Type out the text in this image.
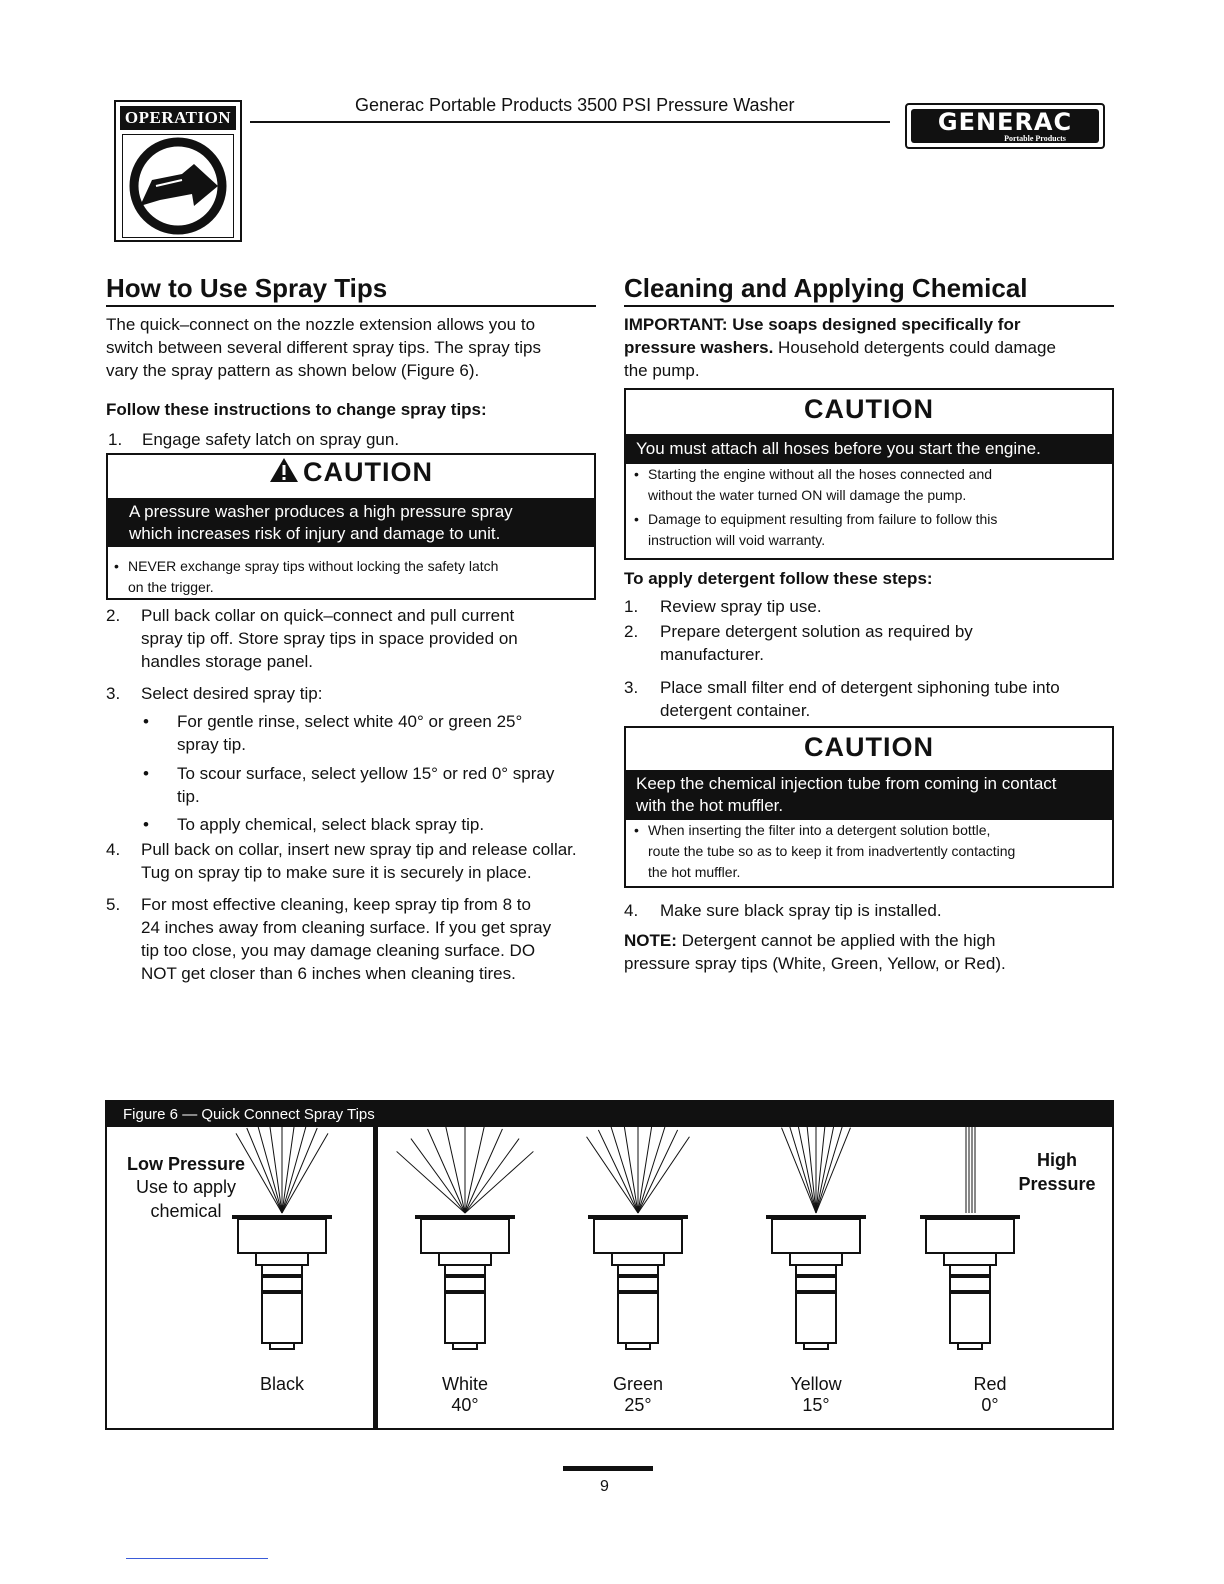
OPERATION
Generac Portable Products 3500 PSI Pressure Washer
GENERAC
Portable Products
How to Use Spray Tips
The quick–connect on the nozzle extension allows you to
switch between several different spray tips. The spray tips
vary the spray pattern as shown below (Figure 6).
Follow these instructions to change spray tips:
1. Engage safety latch on spray gun.
CAUTION
A pressure washer produces a high pressure spray
which increases risk of injury and damage to unit.
• NEVER exchange spray tips without locking the safety latch
on the trigger.
2. Pull back collar on quick–connect and pull current
spray tip off. Store spray tips in space provided on
handles storage panel.
3.	Select desired spray tip:
• For gentle rinse, select white 40° or green 25°
spray tip.
• To scour surface, select yellow 15° or red 0° spray
tip.
•	To apply chemical, select black spray tip.
4. Pull back on collar, insert new spray tip and release collar.
Tug on spray tip to make sure it is securely in place.
5. For most effective cleaning, keep spray tip from 8 to
24 inches away from cleaning surface. If you get spray
tip too close, you may damage cleaning surface. DO
NOT get closer than 6 inches when cleaning tires.
Cleaning and Applying Chemical
IMPORTANT: Use soaps designed specifically for
pressure washers. Household detergents could damage
the pump.
CAUTION
You must attach all hoses before you start the engine.
• Starting the engine without all the hoses connected and
without the water turned ON will damage the pump.
• Damage to equipment resulting from failure to follow this
instruction will void warranty.
To apply detergent follow these steps:
1.	Review spray tip use.
2. Prepare detergent solution as required by
manufacturer.
3. Place small filter end of detergent siphoning tube into
detergent container.
CAUTION
Keep the chemical injection tube from coming in contact
with the hot muffler.
• When inserting the filter into a detergent solution bottle,
route the tube so as to keep it from inadvertently contacting
the hot muffler.
4.	Make sure black spray tip is installed.
NOTE: Detergent cannot be applied with the high
pressure spray tips (White, Green, Yellow, or Red).
Figure 6 — Quick Connect Spray Tips
Low Pressure
Use to apply
chemical
High
Pressure
Black	White
40°
Green
25°
Yellow
15°
Red
0°
9
